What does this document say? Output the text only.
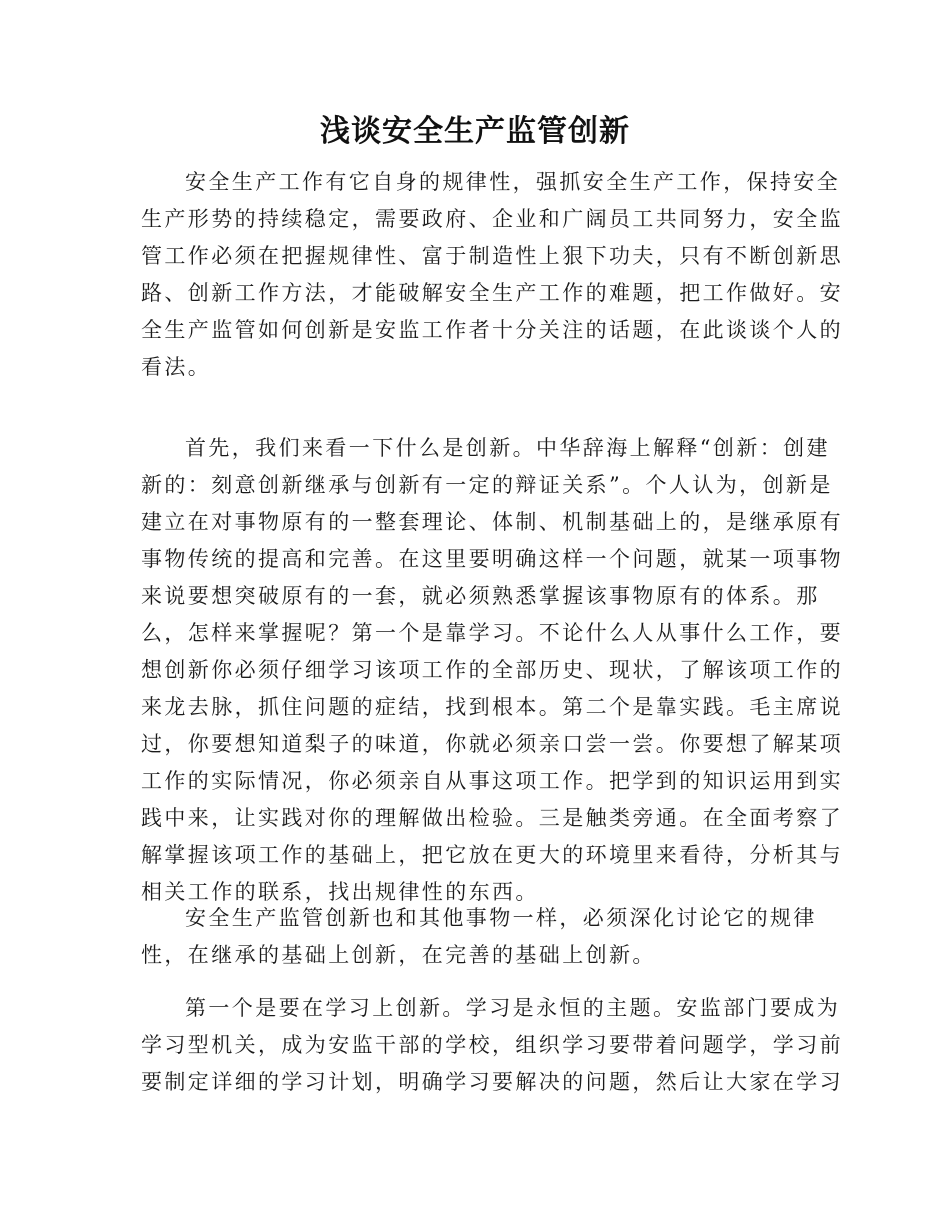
浅谈安全生产监管创新
安全生产工作有它自身的规律性，强抓安全生产工作，保持安全
生产形势的持续稳定，需要政府、企业和广阔员工共同努力，安全监
管工作必须在把握规律性、富于制造性上狠下功夫，只有不断创新思
路、创新工作方法，才能破解安全生产工作的难题，把工作做好。安
全生产监管如何创新是安监工作者十分关注的话题，在此谈谈个人的
看法。
首先，我们来看一下什么是创新。中华辞海上解释“创新：创建
新的：刻意创新继承与创新有一定的辩证关系”。个人认为，创新是
建立在对事物原有的一整套理论、体制、机制基础上的，是继承原有
事物传统的提高和完善。在这里要明确这样一个问题，就某一项事物
来说要想突破原有的一套，就必须熟悉掌握该事物原有的体系。那
么，怎样来掌握呢？第一个是靠学习。不论什么人从事什么工作，要
想创新你必须仔细学习该项工作的全部历史、现状，了解该项工作的
来龙去脉，抓住问题的症结，找到根本。第二个是靠实践。毛主席说
过，你要想知道梨子的味道，你就必须亲口尝一尝。你要想了解某项
工作的实际情况，你必须亲自从事这项工作。把学到的知识运用到实
践中来，让实践对你的理解做出检验。三是触类旁通。在全面考察了
解掌握该项工作的基础上，把它放在更大的环境里来看待，分析其与
相关工作的联系，找出规律性的东西。
安全生产监管创新也和其他事物一样，必须深化讨论它的规律
性，在继承的基础上创新，在完善的基础上创新。
第一个是要在学习上创新。学习是永恒的主题。安监部门要成为
学习型机关，成为安监干部的学校，组织学习要带着问题学，学习前
要制定详细的学习计划，明确学习要解决的问题，然后让大家在学习
